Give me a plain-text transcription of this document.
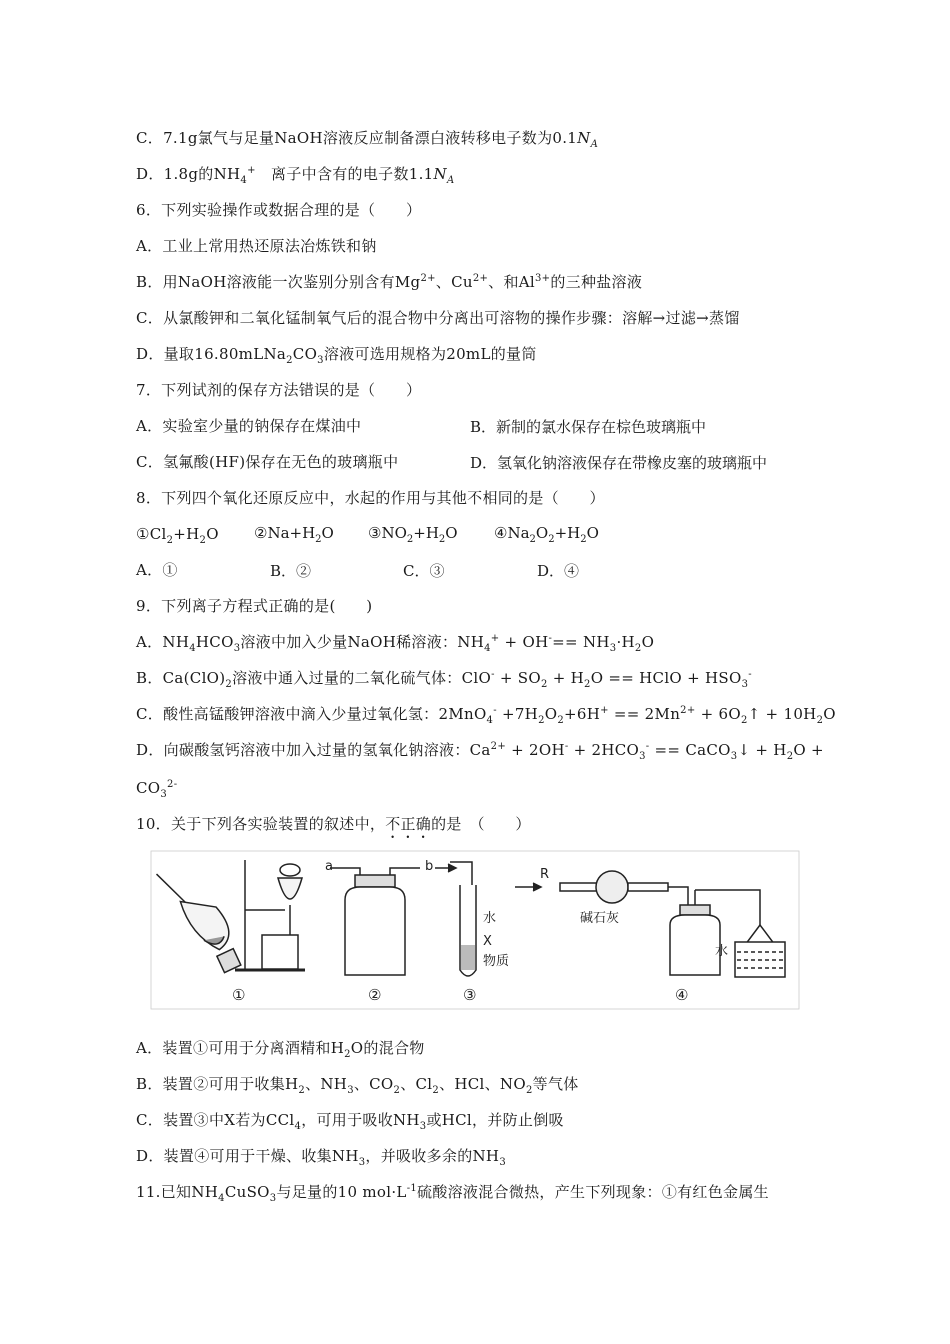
C．7.1g氯气与足量NaOH溶液反应制备漂白液转移电子数为$0.1N_A$
D．1.8g的$NH_4^+$　离子中含有的电子数$1.1N_A$
6．下列实验操作或数据合理的是（　　）
A．工业上常用热还原法冶炼铁和钠
B．用NaOH溶液能一次鉴别分别含有$Mg^{2+}$、$Cu^{2+}$、和$Al^{3+}$的三种盐溶液
C．从氯酸钾和二氧化锰制氧气后的混合物中分离出可溶物的操作步骤：溶解→过滤→蒸馏
D．量取$16.80mLNa_2CO_3$溶液可选用规格为20mL的量筒
7．下列试剂的保存方法错误的是（　　）
A．实验室少量的钠保存在煤油中	B．新制的氯水保存在棕色玻璃瓶中
C．氢氟酸(HF)保存在无色的玻璃瓶中	D．氢氧化钠溶液保存在带橡皮塞的玻璃瓶中
8．下列四个氧化还原反应中，水起的作用与其他不相同的是（　　）
$①Cl_2+H_2O$ $②Na+H_2O$ $③NO_2+H_2O$ $④Na_2O_2+H_2O$
A．①	B．②	C．③	D．④
9．下列离子方程式正确的是(　　)
A．$NH_4HCO_3$溶液中加入少量NaOH稀溶液：$NH_4^+ + OH^-== NH_3\cdot H_2O$
B．$Ca(ClO)_2$溶液中通入过量的二氧化硫气体：$ClO^- + SO_2 + H_2O$ == HClO + $HSO_3^-$
C．酸性高锰酸钾溶液中滴入少量过氧化氢：$2MnO_4^- +7H_2O_2+6H^+ == 2Mn^{2+}$ + $6O_2↑ + 10H_2O$
D．向碳酸氢钙溶液中加入过量的氢氧化钠溶液：$Ca^{2+} + 2OH^- + 2HCO_3^-$ == CaCO$_3$↓ + $H_2O$ +
$CO_3^{2-}$
10．关于下列各实验装置的叙述中，不正确的是　（　　）
a	b
水
X
物质
R
碱石灰
水
①	②	③	④
A．装置①可用于分离酒精和$H_2O$的混合物
B．装置②可用于收集$H_2$、$NH_3$、$CO_2$、$Cl_2$、HCl、$NO_2$等气体
C．装置③中X若为CCl$_4$，可用于吸收$NH_3$或HCl，并防止倒吸
D．装置④可用于干燥、收集$NH_3$，并吸收多余的$NH_3$
11.已知$NH_4CuSO_3$与足量的10 $mol\cdot L^{-1}$硫酸溶液混合微热，产生下列现象：①有红色金属生
